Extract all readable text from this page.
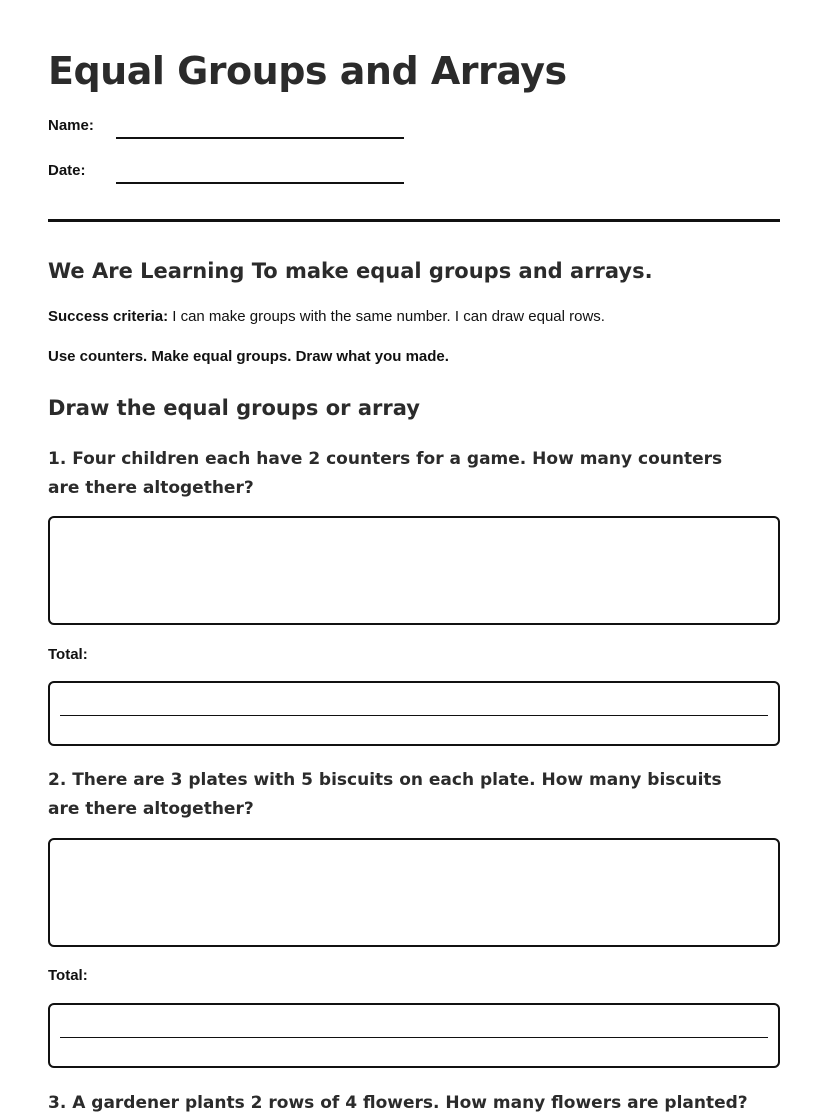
Equal Groups and Arrays
Name:
Date:
We Are Learning To make equal groups and arrays.
Success criteria: I can make groups with the same number. I can draw equal rows.
Use counters. Make equal groups. Draw what you made.
Draw the equal groups or array
1. Four children each have 2 counters for a game. How many counters are there altogether?
Total:
2. There are 3 plates with 5 biscuits on each plate. How many biscuits are there altogether?
Total:
3. A gardener plants 2 rows of 4 flowers. How many flowers are planted?
